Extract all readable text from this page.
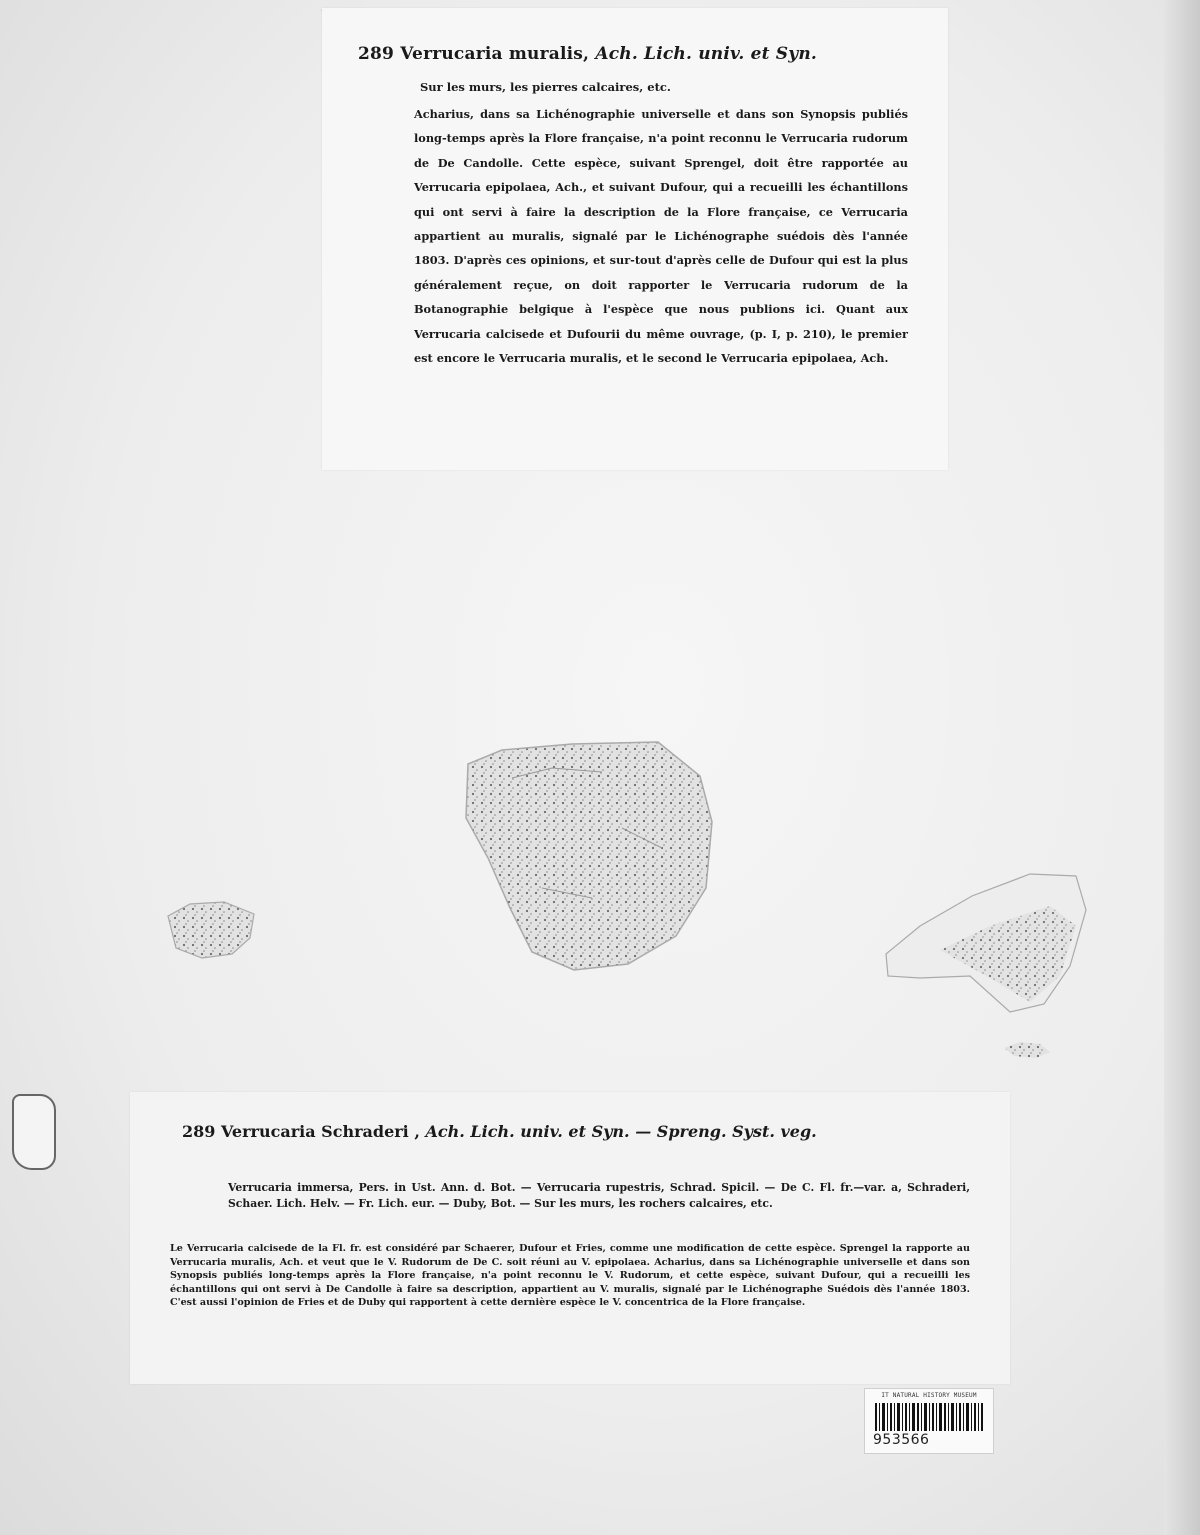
289 Verrucaria muralis, Ach. Lich. univ. et Syn.
Sur les murs, les pierres calcaires, etc.
Acharius, dans sa Lichénographie universelle et dans son Synopsis publiés long-temps après la Flore française, n'a point reconnu le Verrucaria rudorum de De Candolle. Cette espèce, suivant Sprengel, doit être rapportée au Verrucaria epipolaea, Ach., et suivant Dufour, qui a recueilli les échantillons qui ont servi à faire la description de la Flore française, ce Verrucaria appartient au muralis, signalé par le Lichénographe suédois dès l'année 1803. D'après ces opinions, et sur-tout d'après celle de Dufour qui est la plus généralement reçue, on doit rapporter le Verrucaria rudorum de la Botanographie belgique à l'espèce que nous publions ici. Quant aux Verrucaria calcisede et Dufourii du même ouvrage, (p. I, p. 210), le premier est encore le Verrucaria muralis, et le second le Verrucaria epipolaea, Ach.
289 Verrucaria Schraderi , Ach. Lich. univ. et Syn. — Spreng. Syst. veg.
Verrucaria immersa, Pers. in Ust. Ann. d. Bot. — Verrucaria rupestris, Schrad. Spicil. — De C. Fl. fr.—var. a, Schraderi, Schaer. Lich. Helv. — Fr. Lich. eur. — Duby, Bot. — Sur les murs, les rochers calcaires, etc.
Le Verrucaria calcisede de la Fl. fr. est considéré par Schaerer, Dufour et Fries, comme une modification de cette espèce. Sprengel la rapporte au Verrucaria muralis, Ach. et veut que le V. Rudorum de De C. soit réuni au V. epipolaea. Acharius, dans sa Lichénographie universelle et dans son Synopsis publiés long-temps après la Flore française, n'a point reconnu le V. Rudorum, et cette espèce, suivant Dufour, qui a recueilli les échantillons qui ont servi à De Candolle à faire sa description, appartient au V. muralis, signalé par le Lichénographe Suédois dès l'année 1803. C'est aussi l'opinion de Fries et de Duby qui rapportent à cette dernière espèce le V. concentrica de la Flore française.
IT NATURAL HISTORY MUSEUM
953566
